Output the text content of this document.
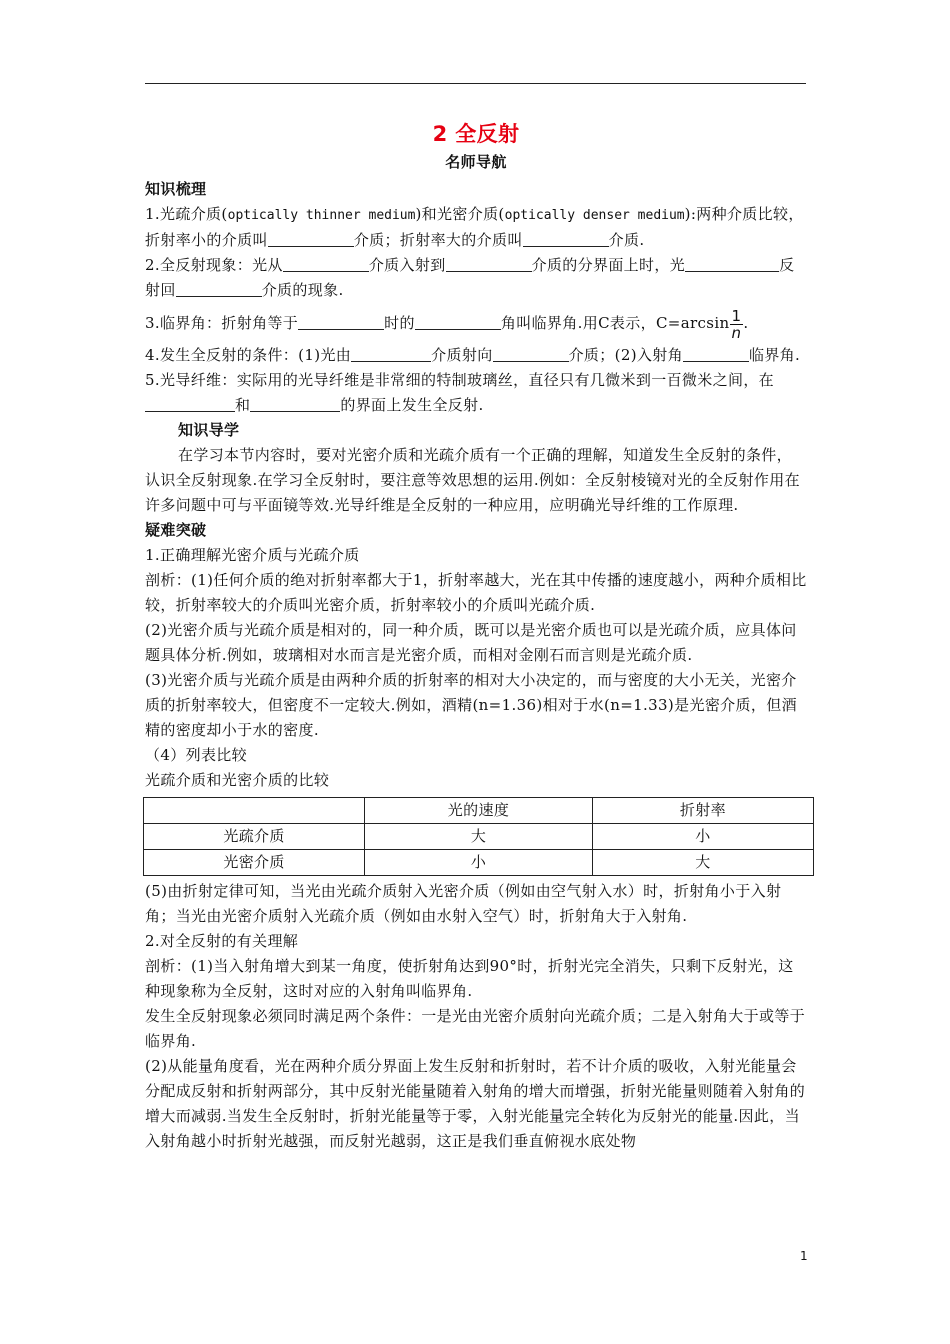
2 全反射

名师导航

知识梳理

1.光疏介质(optically thinner medium)和光密介质(optically denser medium):两种介质比较，折射率小的介质叫	介质；折射率大的介质叫	介质.

2.全反射现象：光从	介质入射到	介质的分界面上时，光	反射回	介质的现象.

3.临界角：折射角等于	时的	角叫临界角.用C表示，$C=\arcsin \frac{1}{n}$ .

4.发生全反射的条件：(1)光由	介质射向	介质；(2)入射角	临界角.

5.光导纤维：实际用的光导纤维是非常细的特制玻璃丝，直径只有几微米到一百微米之间，在和	的界面上发生全反射.

知识导学

在学习本节内容时，要对光密介质和光疏介质有一个正确的理解，知道发生全反射的条件，认识全反射现象.在学习全反射时，要注意等效思想的运用.例如：全反射棱镜对光的全反射作用在许多问题中可与平面镜等效.光导纤维是全反射的一种应用，应明确光导纤维的工作原理.

疑难突破

1.正确理解光密介质与光疏介质

剖析：(1)任何介质的绝对折射率都大于1，折射率越大，光在其中传播的速度越小，两种介质相比较，折射率较大的介质叫光密介质，折射率较小的介质叫光疏介质.

(2)光密介质与光疏介质是相对的，同一种介质，既可以是光密介质也可以是光疏介质，应具体问题具体分析.例如，玻璃相对水而言是光密介质，而相对金刚石而言则是光疏介质.

(3)光密介质与光疏介质是由两种介质的折射率的相对大小决定的，而与密度的大小无关，光密介质的折射率较大，但密度不一定较大.例如，酒精(n=1.36)相对于水(n=1.33)是光密介质，但酒精的密度却小于水的密度.

（4）列表比较

光疏介质和光密介质的比较

	光的速度	折射率
光疏介质	大	小
光密介质	小	大

(5)由折射定律可知，当光由光疏介质射入光密介质（例如由空气射入水）时，折射角小于入射角；当光由光密介质射入光疏介质（例如由水射入空气）时，折射角大于入射角.

2.对全反射的有关理解

剖析：(1)当入射角增大到某一角度，使折射角达到90°时，折射光完全消失，只剩下反射光，这种现象称为全反射，这时对应的入射角叫临界角.

发生全反射现象必须同时满足两个条件：一是光由光密介质射向光疏介质；二是入射角大于或等于临界角.

(2)从能量角度看，光在两种介质分界面上发生反射和折射时，若不计介质的吸收，入射光能量会分配成反射和折射两部分，其中反射光能量随着入射角的增大而增强，折射光能量则随着入射角的增大而减弱.当发生全反射时，折射光能量等于零，入射光能量完全转化为反射光的能量.因此，当入射角越小时折射光越强，而反射光越弱，这正是我们垂直俯视水底处物

1
